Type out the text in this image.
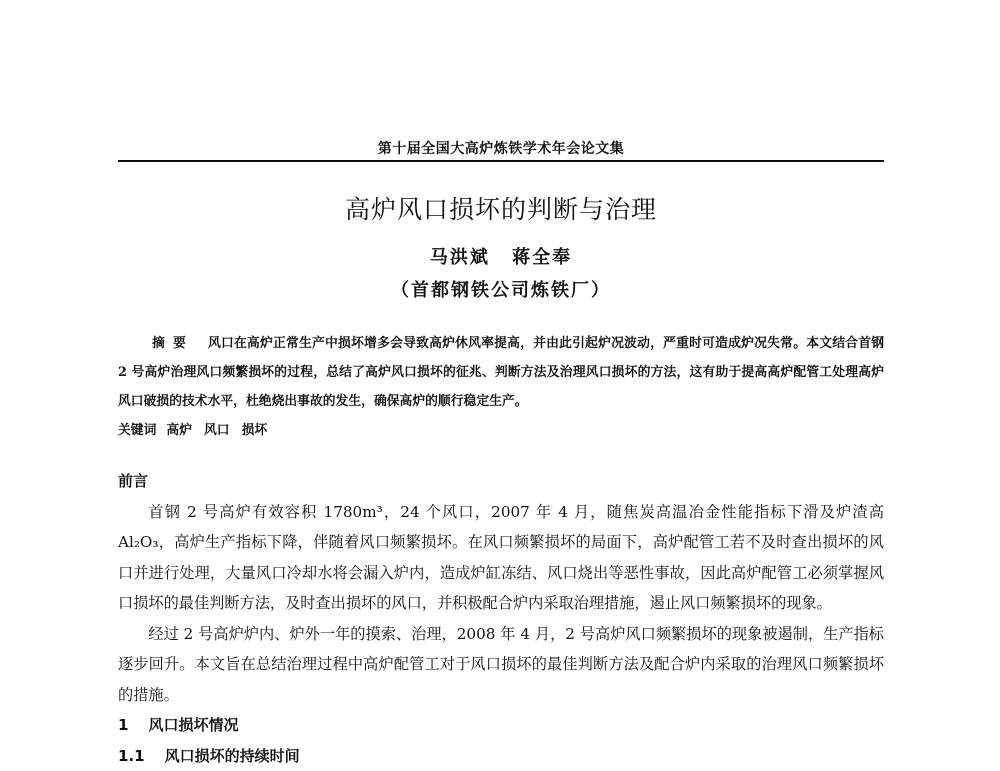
第十届全国大高炉炼铁学术年会论文集
高炉风口损坏的判断与治理
马洪斌 蒋全奉
（首都钢铁公司炼铁厂）

摘要 风口在高炉正常生产中损坏增多会导致高炉休风率提高，并由此引起炉况波动，严重时可造成炉况失常。本文结合首钢 2 号高炉治理风口频繁损坏的过程，总结了高炉风口损坏的征兆、判断方法及治理风口损坏的方法，这有助于提高高炉配管工处理高炉风口破损的技术水平，杜绝烧出事故的发生，确保高炉的顺行稳定生产。

关键词 高炉 风口 损坏

前言

首钢 2 号高炉有效容积 1780m³，24 个风口，2007 年 4 月，随焦炭高温冶金性能指标下滑及炉渣高 Al₂O₃，高炉生产指标下降，伴随着风口频繁损坏。在风口频繁损坏的局面下，高炉配管工若不及时查出损坏的风口并进行处理，大量风口冷却水将会漏入炉内，造成炉缸冻结、风口烧出等恶性事故，因此高炉配管工必须掌握风口损坏的最佳判断方法，及时查出损坏的风口，并积极配合炉内采取治理措施，遏止风口频繁损坏的现象。

经过 2 号高炉炉内、炉外一年的摸索、治理，2008 年 4 月，2 号高炉风口频繁损坏的现象被遏制，生产指标逐步回升。本文旨在总结治理过程中高炉配管工对于风口损坏的最佳判断方法及配合炉内采取的治理风口频繁损坏的措施。

1 风口损坏情况

1.1 风口损坏的持续时间
